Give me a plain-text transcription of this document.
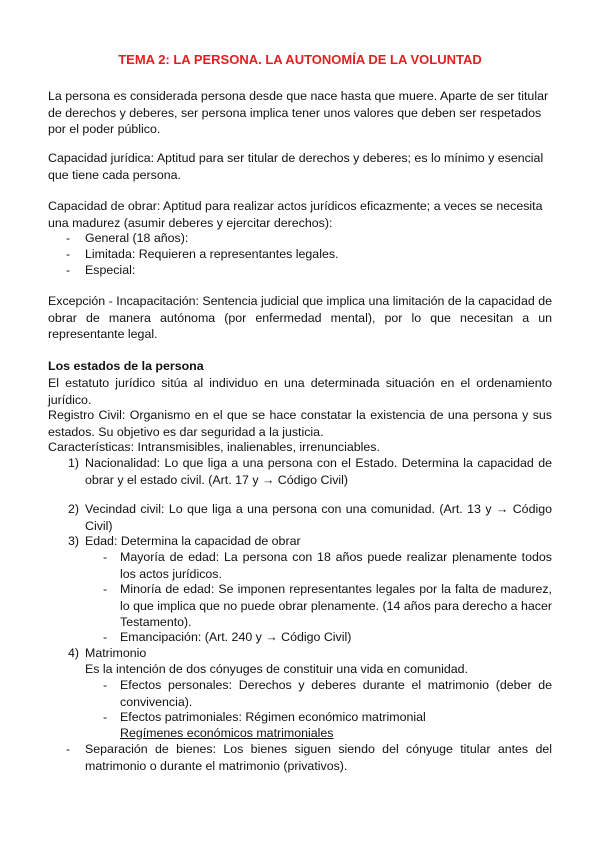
TEMA 2: LA PERSONA. LA AUTONOMÍA DE LA VOLUNTAD

La persona es considerada persona desde que nace hasta que muere. Aparte de ser titular de derechos y deberes, ser persona implica tener unos valores que deben ser respetados por el poder público.

Capacidad jurídica: Aptitud para ser titular de derechos y deberes; es lo mínimo y esencial que tiene cada persona.

Capacidad de obrar: Aptitud para realizar actos jurídicos eficazmente; a veces se necesita una madurez (asumir deberes y ejercitar derechos):

- General (18 años):
- Limitada: Requieren a representantes legales.
- Especial:

Excepción - Incapacitación: Sentencia judicial que implica una limitación de la capacidad de obrar de manera autónoma (por enfermedad mental), por lo que necesitan a un representante legal.

Los estados de la persona

El estatuto jurídico sitúa al individuo en una determinada situación en el ordenamiento jurídico.

Registro Civil: Organismo en el que se hace constatar la existencia de una persona y sus estados. Su objetivo es dar seguridad a la justicia.

Características: Intransmisibles, inalienables, irrenunciables.

1) Nacionalidad: Lo que liga a una persona con el Estado. Determina la capacidad de obrar y el estado civil. (Art. 17 y → Código Civil)
2) Vecindad civil: Lo que liga a una persona con una comunidad. (Art. 13 y → Código Civil)
3) Edad: Determina la capacidad de obrar
- Mayoría de edad: La persona con 18 años puede realizar plenamente todos los actos jurídicos.
- Minoría de edad: Se imponen representantes legales por la falta de madurez, lo que implica que no puede obrar plenamente. (14 años para derecho a hacer Testamento).
- Emancipación: (Art. 240 y → Código Civil)
4) Matrimonio

Es la intención de dos cónyuges de constituir una vida en comunidad.

- Efectos personales: Derechos y deberes durante el matrimonio (deber de convivencia).
- Efectos patrimoniales: Régimen económico matrimonial

Regímenes económicos matrimoniales

- Separación de bienes: Los bienes siguen siendo del cónyuge titular antes del matrimonio o durante el matrimonio (privativos).
